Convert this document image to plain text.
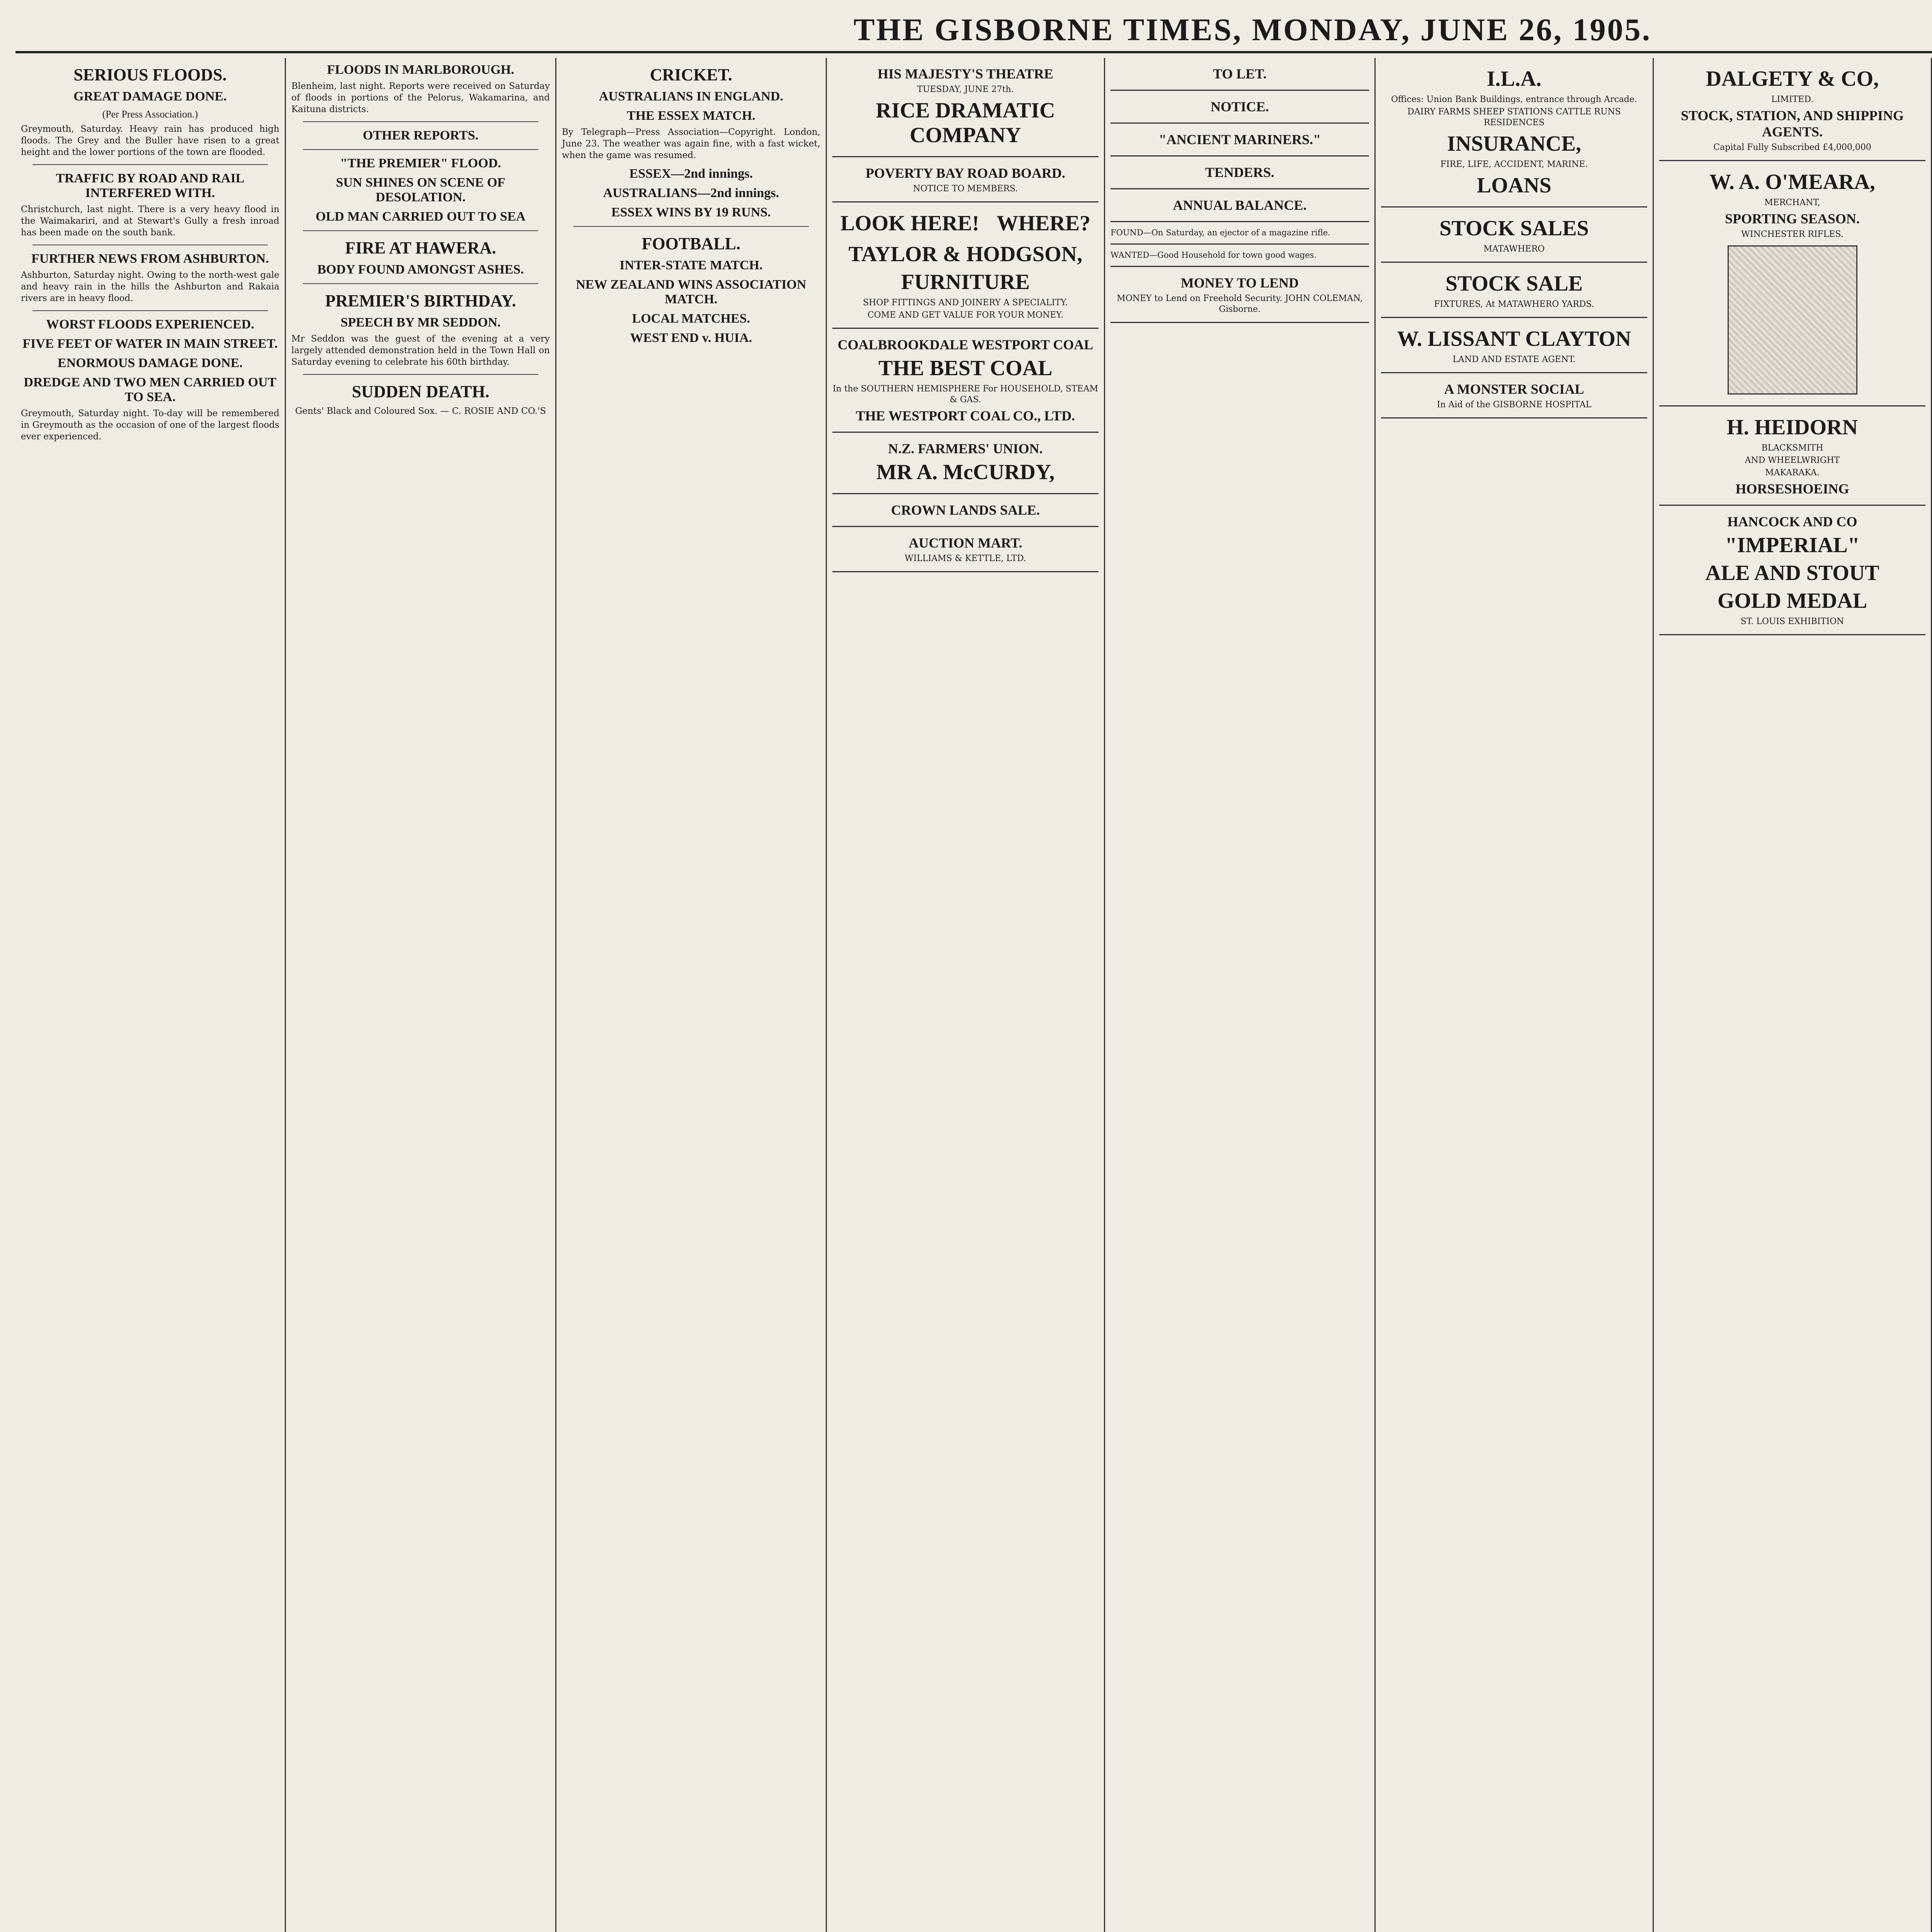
THE GISBORNE TIMES, MONDAY, JUNE 26, 1905.
SERIOUS FLOODS.
GREAT DAMAGE DONE.
(Per Press Association.)

Greymouth, Saturday. Heavy rain has produced high floods. The Grey and the Buller have risen to a great height and the lower portions of the town are flooded.

TRAFFIC BY ROAD AND RAIL INTERFERED WITH.

Christchurch, last night. There is a very heavy flood in the Waimakariri, and at Stewart's Gully a fresh inroad has been made on the south bank.

FURTHER NEWS FROM ASHBURTON.

Ashburton, Saturday night. Owing to the north-west gale and heavy rain in the hills the Ashburton and Rakaia rivers are in heavy flood.

WORST FLOODS EXPERIENCED.
FIVE FEET OF WATER IN MAIN STREET.
ENORMOUS DAMAGE DONE.
DREDGE AND TWO MEN CARRIED OUT TO SEA.

Greymouth, Saturday night. To-day will be remembered in Greymouth as the occasion of one of the largest floods ever experienced.

FLOODS IN MARLBOROUGH.

Blenheim, last night. Reports were received on Saturday of floods in portions of the Pelorus, Wakamarina, and Kaituna districts.

OTHER REPORTS.
"THE PREMIER" FLOOD.
SUN SHINES ON SCENE OF DESOLATION.
OLD MAN CARRIED OUT TO SEA
FIRE AT HAWERA.
BODY FOUND AMONGST ASHES.
PREMIER'S BIRTHDAY.
SPEECH BY MR SEDDON.

Mr Seddon was the guest of the evening at a very largely attended demonstration held in the Town Hall on Saturday evening to celebrate his 60th birthday.

SUDDEN DEATH.

Gents' Black and Coloured Sox. — C. ROSIE AND CO.'S

CRICKET.
AUSTRALIANS IN ENGLAND.
THE ESSEX MATCH.

By Telegraph—Press Association—Copyright. London, June 23. The weather was again fine, with a fast wicket, when the game was resumed.

ESSEX—2nd innings.
AUSTRALIANS—2nd innings.
ESSEX WINS BY 19 RUNS.
FOOTBALL.
INTER-STATE MATCH.
NEW ZEALAND WINS ASSOCIATION MATCH.
LOCAL MATCHES.
WEST END v. HUIA.
HIS MAJESTY'S THEATRE
TUESDAY, JUNE 27th.
RICE DRAMATIC COMPANY
POVERTY BAY ROAD BOARD.
NOTICE TO MEMBERS.
LOOK HERE! WHERE?
TAYLOR & HODGSON,
FURNITURE
SHOP FITTINGS AND JOINERY A SPECIALITY.
COME AND GET VALUE FOR YOUR MONEY.
COALBROOKDALE WESTPORT COAL
THE BEST COAL
In the SOUTHERN HEMISPHERE For HOUSEHOLD, STEAM & GAS.
THE WESTPORT COAL CO., LTD.
N.Z. FARMERS' UNION.
MR A. McCURDY,
CROWN LANDS SALE.
AUCTION MART.
WILLIAMS & KETTLE, LTD.
TO LET.
NOTICE.
"ANCIENT MARINERS."
TENDERS.
ANNUAL BALANCE.
FOUND—On Saturday, an ejector of a magazine rifle.
WANTED—Good Household for town good wages.
MONEY TO LEND
MONEY to Lend on Freehold Security. JOHN COLEMAN, Gisborne.
I.L.A.
Offices: Union Bank Buildings, entrance through Arcade.
DAIRY FARMS SHEEP STATIONS CATTLE RUNS RESIDENCES
INSURANCE,
FIRE, LIFE, ACCIDENT, MARINE.
LOANS
STOCK SALES
MATAWHERO
STOCK SALE
FIXTURES, At MATAWHERO YARDS.
W. LISSANT CLAYTON
LAND AND ESTATE AGENT.
A MONSTER SOCIAL
In Aid of the GISBORNE HOSPITAL
DALGETY & CO,
LIMITED.
STOCK, STATION, AND SHIPPING AGENTS.
Capital Fully Subscribed £4,000,000
W. A. O'MEARA,
MERCHANT,
SPORTING SEASON.
WINCHESTER RIFLES.
H. HEIDORN
BLACKSMITH
AND WHEELWRIGHT
MAKARAKA.
HORSESHOEING
HANCOCK AND CO
"IMPERIAL"
ALE AND STOUT
GOLD MEDAL
ST. LOUIS EXHIBITION
